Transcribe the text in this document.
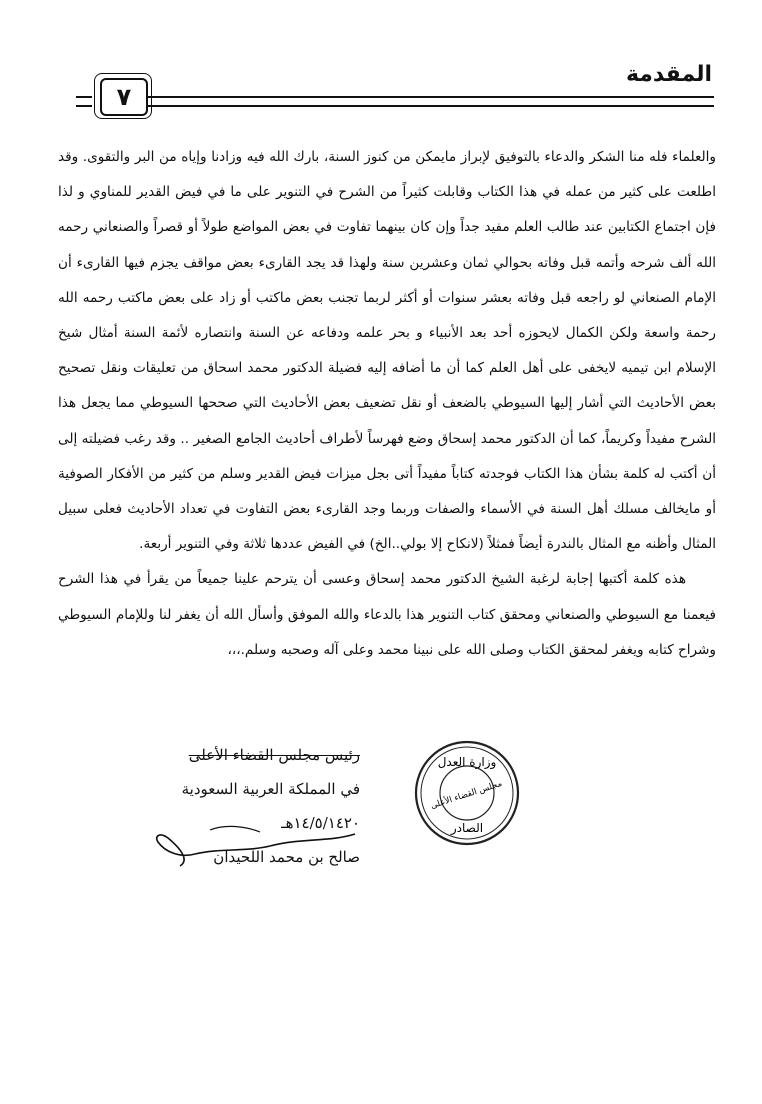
المقدمة
٧

والعلماء فله منا الشكر والدعاء بالتوفيق لإبراز مايمكن من كنوز السنة، بارك الله فيه وزادنا وإياه من البر والتقوى. وقد اطلعت على كثير من عمله في هذا الكتاب وقابلت كثيراً من الشرح في التنوير على ما في فيض القدير للمناوي و لذا فإن اجتماع الكتابين عند طالب العلم مفيد جداً وإن كان بينهما تفاوت في بعض المواضع طولاً أو قصراً والصنعاني رحمه الله ألف شرحه وأتمه قبل وفاته بحوالي ثمان وعشرين سنة ولهذا قد يجد القارىء بعض مواقف يجزم فيها القارىء أن الإمام الصنعاني لو راجعه قبل وفاته بعشر سنوات أو أكثر لربما تجنب بعض ماكتب أو زاد على بعض ماكتب رحمه الله رحمة واسعة ولكن الكمال لايحوزه أحد بعد الأنبياء و بحر علمه ودفاعه عن السنة وانتصاره لأئمة السنة أمثال شيخ الإسلام ابن تيميه لايخفى على أهل العلم كما أن ما أضافه إليه فضيلة الدكتور محمد اسحاق من تعليقات ونقل تصحيح بعض الأحاديث التي أشار إليها السيوطي بالضعف أو نقل تضعيف بعض الأحاديث التي صححها السيوطي مما يجعل هذا الشرح مفيداً وكريماً، كما أن الدكتور محمد إسحاق وضع فهرساً لأطراف أحاديث الجامع الصغير .. وقد رغب فضيلته إلى أن أكتب له كلمة بشأن هذا الكتاب فوجدته كتاباً مفيداً أتى بجل ميزات فيض القدير وسلم من كثير من الأفكار الصوفية أو مايخالف مسلك أهل السنة في الأسماء والصفات وربما وجد القارىء بعض التفاوت في تعداد الأحاديث فعلى سبيل المثال وأظنه مع المثال بالندرة أيضاً فمثلاً (لانكاح إلا بولي..الخ) في الفيض عددها ثلاثة وفي التنوير أربعة.

هذه كلمة أكتبها إجابة لرغبة الشيخ الدكتور محمد إسحاق وعسى أن يترحم علينا جميعاً من يقرأ في هذا الشرح فيعمنا مع السيوطي والصنعاني ومحقق كتاب التنوير هذا بالدعاء والله الموفق وأسأل الله أن يغفر لنا وللإمام السيوطي وشراح كتابه ويغفر لمحقق الكتاب وصلى الله على نبينا محمد وعلى آله وصحبه وسلم.،،،

رئيس مجلس القضاء الأعلى
في المملكة العربية السعودية
١٤/٥/١٤٢٠هـ
صالح بن محمد اللحيدان
وزارة العدل
مجلس القضاء الأعلى
الصادر
